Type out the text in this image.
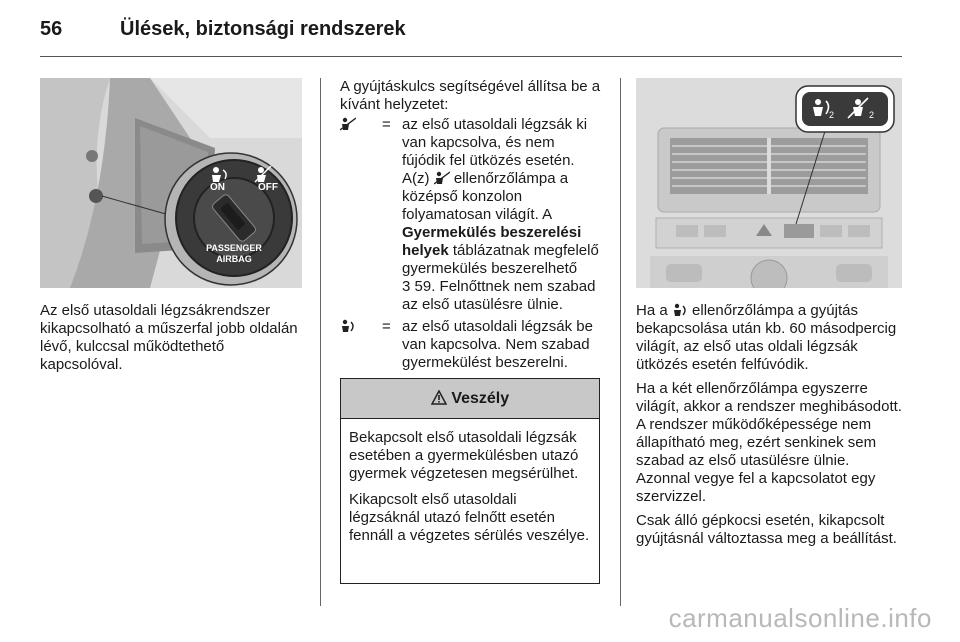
56	Ülések, biztonsági rendszerek
ON	OFF
PASSENGER
AIRBAG

Az első utasoldali légzsákrendszer kikapcsolható a műszerfal jobb oldalán lévő, kulccsal működtethető kapcsolóval.

A gyújtáskulcs segítségével állítsa be a kívánt helyzetet:

= az első utasoldali légzsák ki van kapcsolva, és nem fújódik fel ütközés esetén. A(z) ellenőrzőlámpa a középső konzolon folyamatosan világít. A Gyermekülés beszerelési helyek táblázatnak megfelelő gyermekülés beszerelhető
3 59. Felnőttnek nem szabad az első utasülésre ülnie.
= az első utasoldali légzsák be van kapcsolva. Nem szabad gyermekülést beszerelni.
Veszély

Bekapcsolt első utasoldali légzsák esetében a gyermekülésben utazó gyermek végzetesen megsérülhet.

Kikapcsolt első utasoldali légzsáknál utazó felnőtt esetén fennáll a végzetes sérülés veszélye.

2	2

Ha a ellenőrzőlámpa a gyújtás bekapcsolása után kb. 60 másodpercig világít, az első utas oldali légzsák ütközés esetén felfúvódik.

Ha a két ellenőrzőlámpa egyszerre világít, akkor a rendszer meghibásodott. A rendszer működőképessége nem állapítható meg, ezért senkinek sem szabad az első utasülésre ülnie. Azonnal vegye fel a kapcsolatot egy szervizzel.

Csak álló gépkocsi esetén, kikapcsolt gyújtásnál változtassa meg a beállítást.

carmanualsonline.info
